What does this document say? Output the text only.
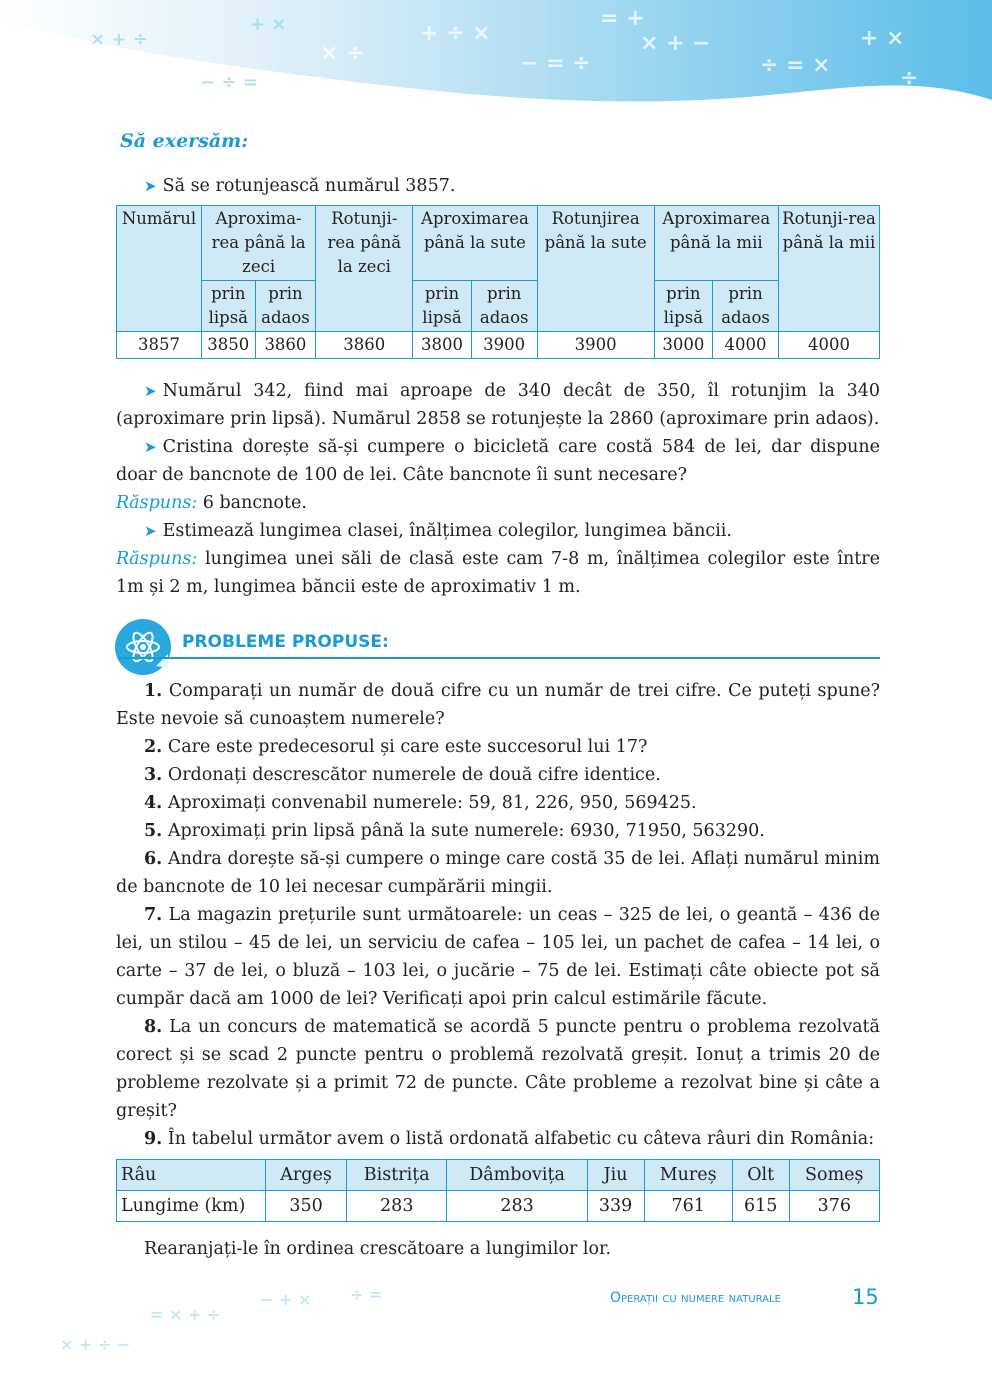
+ ÷ ×
− = ÷
× + −
÷ = ×
+ ×
= +
× ÷
÷
× + ÷
− ÷ =
+ ×
Să exersăm:
➤ Să se rotunjească numărul 3857.
Numărul	Aproxima-rea până la zeci		Rotunji-rea până la zeci	Aproximarea până la sute		Rotunjirea până la sute	Aproximarea până la mii		Rotunji-rea până la mii
	prin lipsă	prin adaos		prin lipsă	prin adaos		prin lipsă	prin adaos	
3857	3850	3860	3860	3800	3900	3900	3000	4000	4000
➤ Numărul 342, fiind mai aproape de 340 decât de 350, îl rotunjim la 340 (aproximare prin lipsă). Numărul 2858 se rotunjește la 2860 (aproximare prin adaos).
➤ Cristina dorește să-și cumpere o bicicletă care costă 584 de lei, dar dispune doar de bancnote de 100 de lei. Câte bancnote îi sunt necesare?
Răspuns: 6 bancnote.
➤ Estimează lungimea clasei, înălțimea colegilor, lungimea băncii.
Răspuns: lungimea unei săli de clasă este cam 7-8 m, înălțimea colegilor este între 1m și 2 m, lungimea băncii este de aproximativ 1 m.
PROBLEME PROPUSE:
1. Comparați un număr de două cifre cu un număr de trei cifre. Ce puteți spune? Este nevoie să cunoaștem numerele?
2. Care este predecesorul și care este succesorul lui 17?
3. Ordonați descrescător numerele de două cifre identice.
4. Aproximați convenabil numerele: 59, 81, 226, 950, 569425.
5. Aproximați prin lipsă până la sute numerele: 6930, 71950, 563290.
6. Andra dorește să-și cumpere o minge care costă 35 de lei. Aflați numărul minim de bancnote de 10 lei necesar cumpărării mingii.
7. La magazin prețurile sunt următoarele: un ceas – 325 de lei, o geantă – 436 de lei, un stilou – 45 de lei, un serviciu de cafea – 105 lei, un pachet de cafea – 14 lei, o carte – 37 de lei, o bluză – 103 lei, o jucărie – 75 de lei. Estimați câte obiecte pot să cumpăr dacă am 1000 de lei? Verificați apoi prin calcul estimările făcute.
8. La un concurs de matematică se acordă 5 puncte pentru o problema rezolvată corect și se scad 2 puncte pentru o problemă rezolvată greșit. Ionuț a trimis 20 de probleme rezolvate și a primit 72 de puncte. Câte probleme a rezolvat bine și câte a greșit?
9. În tabelul următor avem o listă ordonată alfabetic cu câteva râuri din România:
Râu	Argeș	Bistrița	Dâmbovița	Jiu	Mureș	Olt	Someș
Lungime (km)	350	283	283	339	761	615	376
Rearanjați-le în ordinea crescătoare a lungimilor lor.
× + ÷ −
= × + ÷
− + × ÷ =	Operații cu numere naturale	15
